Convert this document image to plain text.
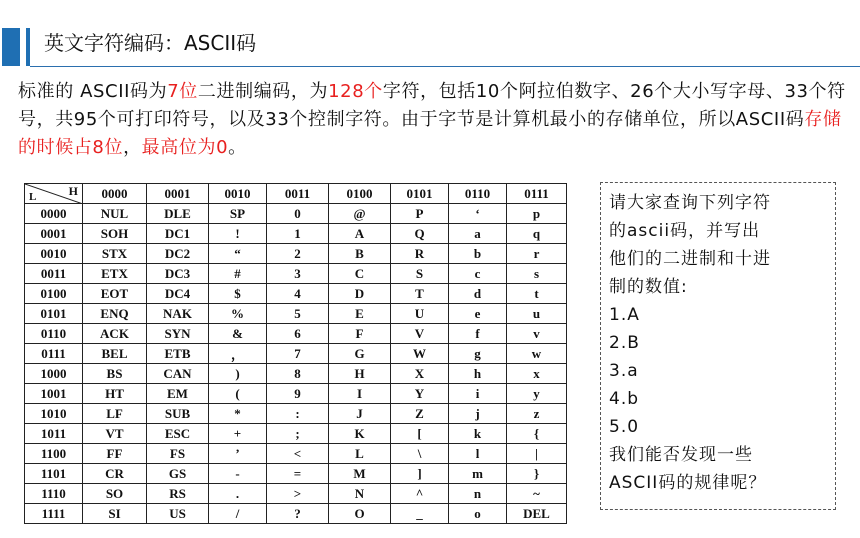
英文字符编码：ASCII码
标准的 ASCII码为7位二进制编码，为128个字符，包括10个阿拉伯数字、26个大小写字母、33个符号，共95个可打印符号，以及33个控制字符。由于字节是计算机最小的存储单位，所以ASCII码存储的时候占8位，最高位为0。
H
L	0000	0001	0010	0011	0100	0101	0110	0111
0000	NUL	DLE	SP	0	@	P	‘	p
0001	SOH	DC1	!	1	A	Q	a	q
0010	STX	DC2	“	2	B	R	b	r
0011	ETX	DC3	#	3	C	S	c	s
0100	EOT	DC4	$	4	D	T	d	t
0101	ENQ	NAK	%	5	E	U	e	u
0110	ACK	SYN	&	6	F	V	f	v
0111	BEL	ETB	，	7	G	W	g	w
1000	BS	CAN	)	8	H	X	h	x
1001	HT	EM	(	9	I	Y	i	y
1010	LF	SUB	*	:	J	Z	j	z
1011	VT	ESC	+	;	K	[	k	{
1100	FF	FS	’	<	L	\	l	|
1101	CR	GS	-	=	M	]	m	}
1110	SO	RS	.	>	N	^	n	~
1111	SI	US	/	?	O	_	o	DEL
请大家查询下列字符
的ascii码，并写出
他们的二进制和十进
制的数值:
1.A
2.B
3.a
4.b
5.0
我们能否发现一些
ASCII码的规律呢？
